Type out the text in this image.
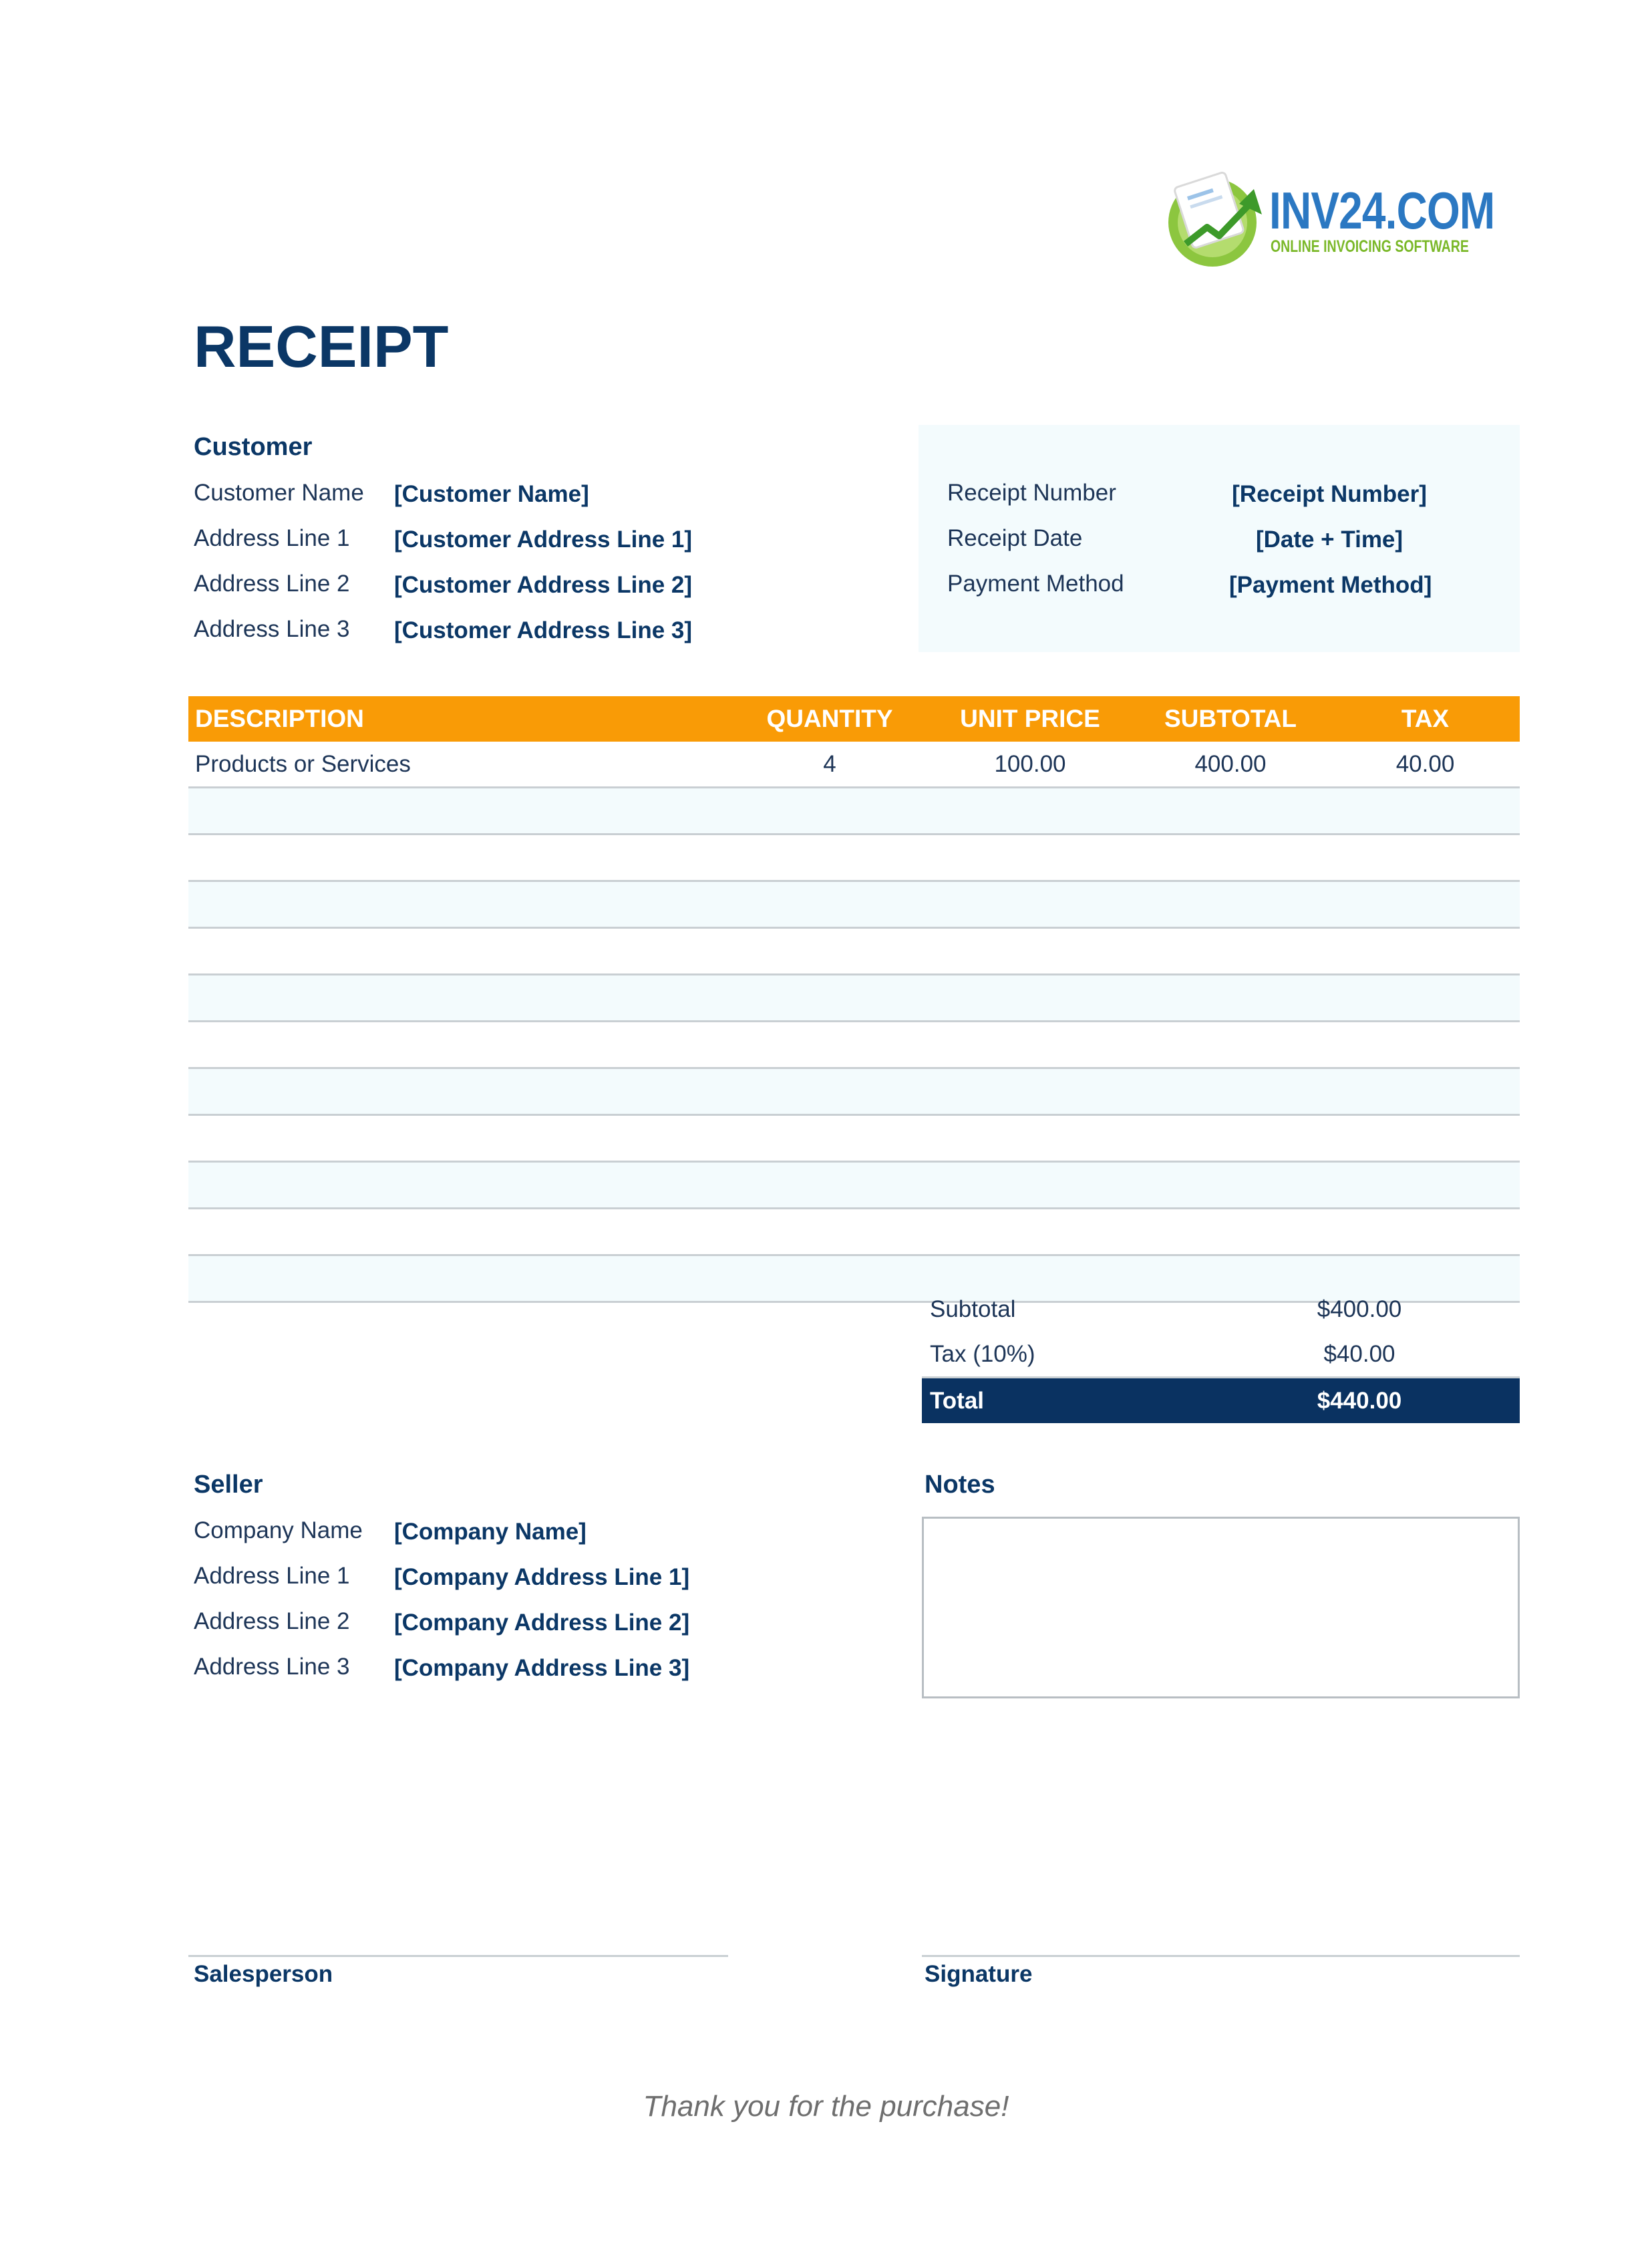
INV24.COM
ONLINE INVOICING SOFTWARE
RECEIPT
Customer
Customer Name [Customer Name]
Address Line 1 [Customer Address Line 1]
Address Line 2 [Customer Address Line 2]
Address Line 3 [Customer Address Line 3]
Receipt Number	[Receipt Number]
Receipt Date	[Date + Time]
Payment Method	[Payment Method]
DESCRIPTION	QUANTITY	UNIT PRICE	SUBTOTAL	TAX
Products or Services	4	100.00	400.00	40.00
Subtotal	$400.00
Tax (10%)	$40.00
Total	$440.00
Seller
Company Name [Company Name]
Address Line 1 [Company Address Line 1]
Address Line 2 [Company Address Line 2]
Address Line 3 [Company Address Line 3]
Notes
Salesperson	Signature
Thank you for the purchase!
